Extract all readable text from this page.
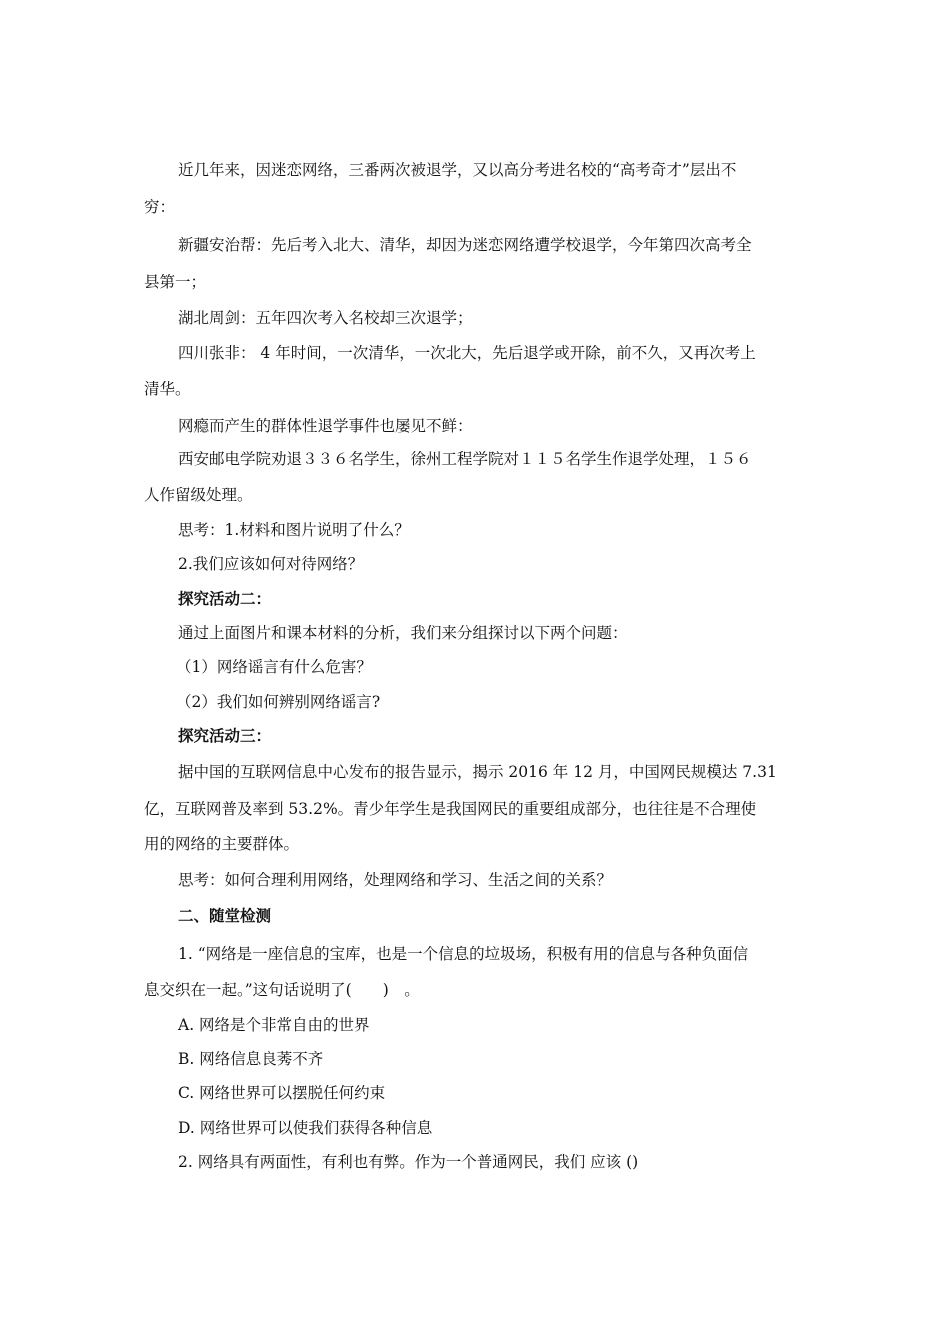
近几年来，因迷恋网络，三番两次被退学，又以高分考进名校的“高考奇才”层出不
穷：
新疆安治帮：先后考入北大、清华，却因为迷恋网络遭学校退学，今年第四次高考全
县第一；
湖北周剑：五年四次考入名校却三次退学；
四川张非： 4 年时间，一次清华，一次北大，先后退学或开除，前不久，又再次考上
清华。
网瘾而产生的群体性退学事件也屡见不鲜：
西安邮电学院劝退３３６名学生，徐州工程学院对１１５名学生作退学处理，１５６
人作留级处理。
思考：1.材料和图片说明了什么？
2.我们应该如何对待网络？
探究活动二：
通过上面图片和课本材料的分析，我们来分组探讨以下两个问题：
（1）网络谣言有什么危害？
（2）我们如何辨别网络谣言?
探究活动三：
据中国的互联网信息中心发布的报告显示，揭示 2016 年 12 月，中国网民规模达 7.31
亿，互联网普及率到 53.2%。青少年学生是我国网民的重要组成部分，也往往是不合理使
用的网络的主要群体。
思考：如何合理利用网络，处理网络和学习、生活之间的关系？
二、随堂检测
1. “网络是一座信息的宝库，也是一个信息的垃圾场，积极有用的信息与各种负面信
息交织在一起。”这句话说明了(　　)　。
A. 网络是个非常自由的世界
B. 网络信息良莠不齐
C. 网络世界可以摆脱任何约束
D. 网络世界可以使我们获得各种信息
2. 网络具有两面性，有利也有弊。作为一个普通网民，我们 应该 ()
